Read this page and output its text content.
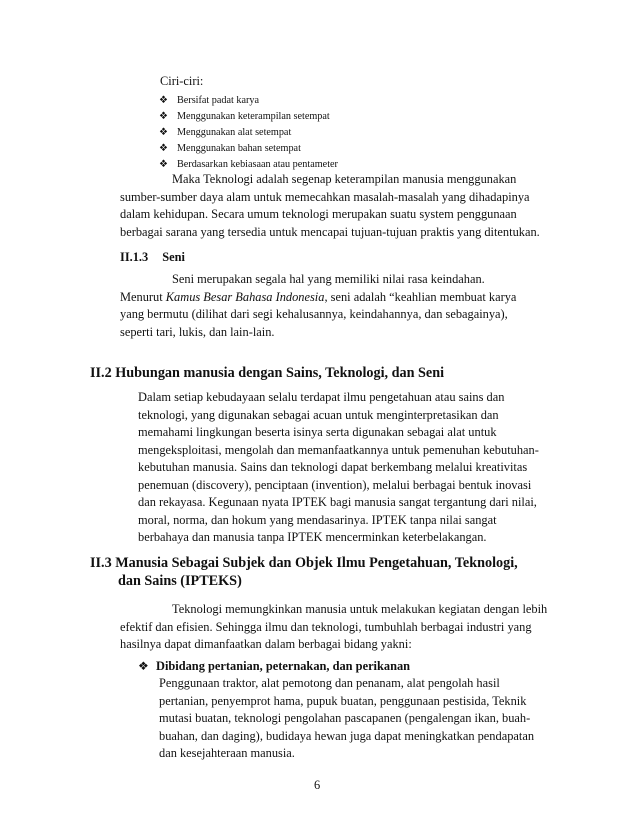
Ciri-ciri:
❖ Bersifat padat karya
❖ Menggunakan keterampilan setempat
❖ Menggunakan alat setempat
❖ Menggunakan bahan setempat
❖ Berdasarkan kebiasaan atau pentameter
Maka Teknologi adalah segenap keterampilan manusia menggunakan
sumber-sumber daya alam untuk memecahkan masalah-masalah yang dihadapinya
dalam kehidupan. Secara umum teknologi merupakan suatu system penggunaan
berbagai sarana yang tersedia untuk mencapai tujuan-tujuan praktis yang ditentukan.
II.1.3 Seni
Seni merupakan segala hal yang memiliki nilai rasa keindahan.
Menurut Kamus Besar Bahasa Indonesia, seni adalah “keahlian membuat karya
yang bermutu (dilihat dari segi kehalusannya, keindahannya, dan sebagainya),
seperti tari, lukis, dan lain-lain.
II.2 Hubungan manusia dengan Sains, Teknologi, dan Seni
Dalam setiap kebudayaan selalu terdapat ilmu pengetahuan atau sains dan
teknologi, yang digunakan sebagai acuan untuk menginterpretasikan dan
memahami lingkungan beserta isinya serta digunakan sebagai alat untuk
mengeksploitasi, mengolah dan memanfaatkannya untuk pemenuhan kebutuhan-
kebutuhan manusia. Sains dan teknologi dapat berkembang melalui kreativitas
penemuan (discovery), penciptaan (invention), melalui berbagai bentuk inovasi
dan rekayasa. Kegunaan nyata IPTEK bagi manusia sangat tergantung dari nilai,
moral, norma, dan hokum yang mendasarinya. IPTEK tanpa nilai sangat
berbahaya dan manusia tanpa IPTEK mencerminkan keterbelakangan.
II.3 Manusia Sebagai Subjek dan Objek Ilmu Pengetahuan, Teknologi,
dan Sains (IPTEKS)
Teknologi memungkinkan manusia untuk melakukan kegiatan dengan lebih
efektif dan efisien. Sehingga ilmu dan teknologi, tumbuhlah berbagai industri yang
hasilnya dapat dimanfaatkan dalam berbagai bidang yakni:
❖ Dibidang pertanian, peternakan, dan perikanan
Penggunaan traktor, alat pemotong dan penanam, alat pengolah hasil
pertanian, penyemprot hama, pupuk buatan, penggunaan pestisida, Teknik
mutasi buatan, teknologi pengolahan pascapanen (pengalengan ikan, buah-
buahan, dan daging), budidaya hewan juga dapat meningkatkan pendapatan
dan kesejahteraan manusia.
6
